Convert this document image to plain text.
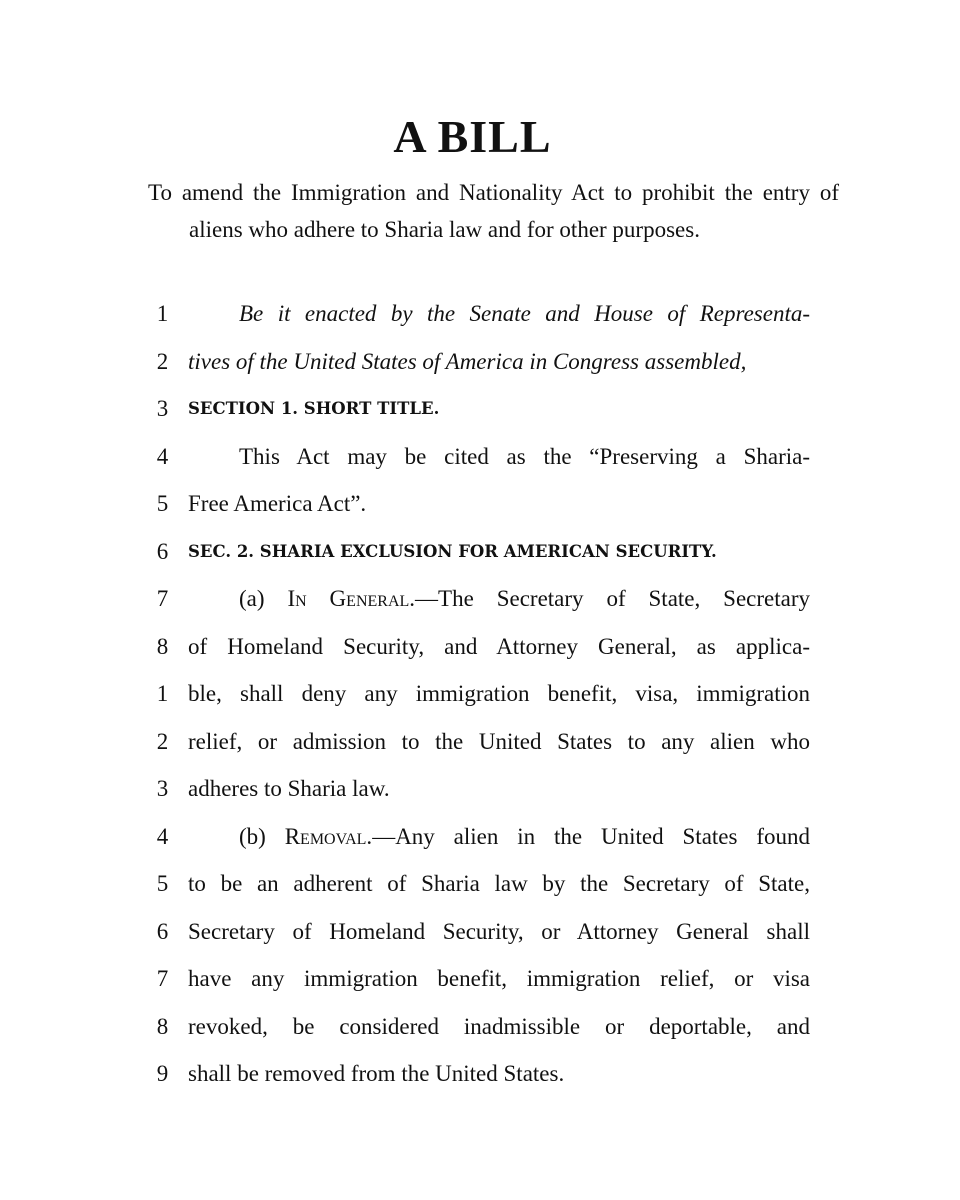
A BILL

To amend the Immigration and Nationality Act to prohibit the entry of aliens who adhere to Sharia law and for other purposes.

1	Be it enacted by the Senate and House of Representa-
2 tives of the United States of America in Congress assembled,
3	SECTION 1. SHORT TITLE.
4	This Act may be cited as the “Preserving a Sharia-
5 Free America Act”.
6	SEC. 2. SHARIA EXCLUSION FOR AMERICAN SECURITY.
7	(a) In General.—The Secretary of State, Secretary
8 of Homeland Security, and Attorney General, as applica-
1 ble, shall deny any immigration benefit, visa, immigration
2 relief, or admission to the United States to any alien who
3 adheres to Sharia law.
4	(b) Removal.—Any alien in the United States found
5 to be an adherent of Sharia law by the Secretary of State,
6 Secretary of Homeland Security, or Attorney General shall
7 have any immigration benefit, immigration relief, or visa
8 revoked, be considered inadmissible or deportable, and
9 shall be removed from the United States.
